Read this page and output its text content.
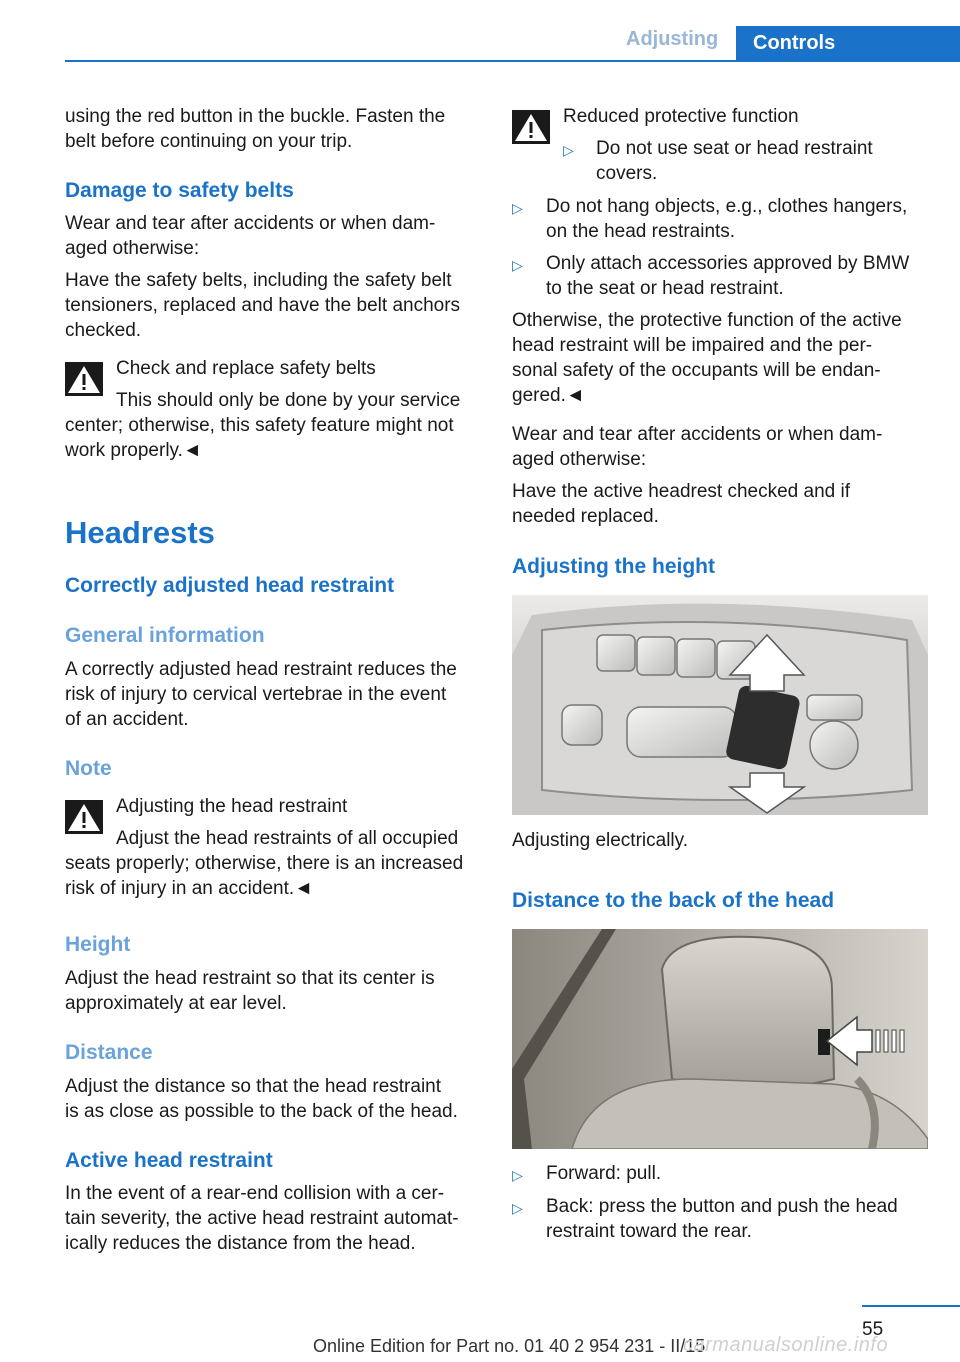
Adjusting	Controls

using the red button in the buckle. Fasten the

belt before continuing on your trip.

Damage to safety belts

Wear and tear after accidents or when dam‐

aged otherwise:

Have the safety belts, including the safety belt

tensioners, replaced and have the belt anchors

checked.

Check and replace safety belts

This should only be done by your service

center; otherwise, this safety feature might not

work properly.◄

Headrests
Correctly adjusted head restraint
General information

A correctly adjusted head restraint reduces the

risk of injury to cervical vertebrae in the event

of an accident.

Note

Adjusting the head restraint

Adjust the head restraints of all occupied

seats properly; otherwise, there is an increased

risk of injury in an accident.◄

Height

Adjust the head restraint so that its center is

approximately at ear level.

Distance

Adjust the distance so that the head restraint

is as close as possible to the back of the head.

Active head restraint

In the event of a rear-end collision with a cer‐

tain severity, the active head restraint automat‐

ically reduces the distance from the head.

Reduced protective function

▷ Do not use seat or head restraint

covers.

▷ Do not hang objects, e.g., clothes hangers,

on the head restraints.

▷ Only attach accessories approved by BMW

to the seat or head restraint.

Otherwise, the protective function of the active

head restraint will be impaired and the per‐

sonal safety of the occupants will be endan‐

gered.◄

Wear and tear after accidents or when dam‐

aged otherwise:

Have the active headrest checked and if

needed replaced.

Adjusting the height

Adjusting electrically.

Distance to the back of the head
▷ Forward: pull.

▷ Back: press the button and push the head

restraint toward the rear.

55
Online Edition for Part no. 01 40 2 954 231 - II/15
carmanualsonline.info
